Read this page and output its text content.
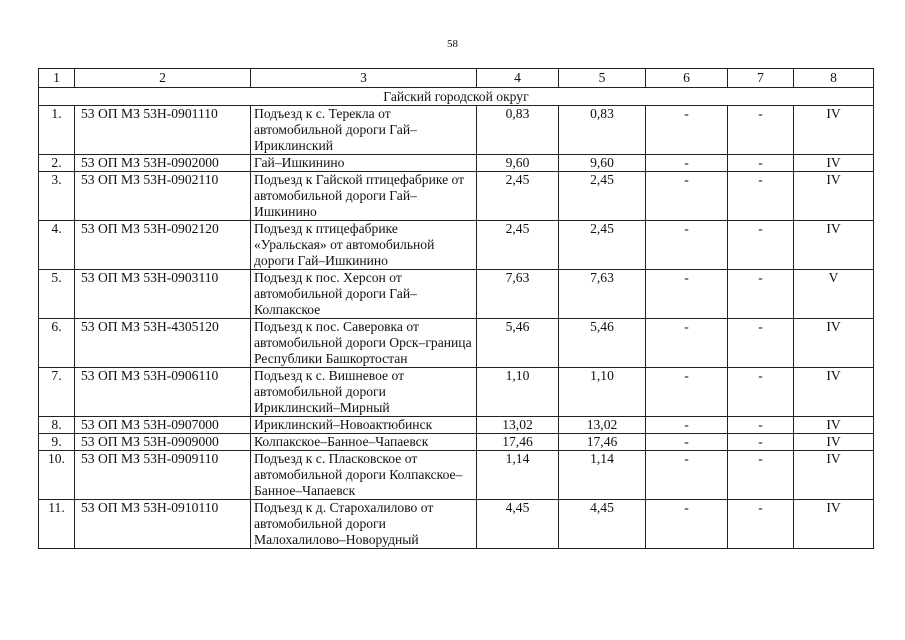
58
1	2	3	4	5	6	7	8
Гайский городской округ							
1.	53 ОП МЗ 53Н-0901110	Подъезд к с. Терекла от автомобильной дороги Гай–Ириклинский	0,83	0,83	-	-	IV
2.	53 ОП МЗ 53Н-0902000	Гай–Ишкинино	9,60	9,60	-	-	IV
3.	53 ОП МЗ 53Н-0902110	Подъезд к Гайской птицефабрике от автомобильной дороги Гай–Ишкинино	2,45	2,45	-	-	IV
4.	53 ОП МЗ 53Н-0902120	Подъезд к птицефабрике «Уральская» от автомобильной дороги Гай–Ишкинино	2,45	2,45	-	-	IV
5.	53 ОП МЗ 53Н-0903110	Подъезд к пос. Херсон от автомобильной дороги Гай–Колпакское	7,63	7,63	-	-	V
6.	53 ОП МЗ 53Н-4305120	Подъезд к пос. Саверовка от автомобильной дороги Орск–граница Республики Башкортостан	5,46	5,46	-	-	IV
7.	53 ОП МЗ 53Н-0906110	Подъезд к с. Вишневое от автомобильной дороги Ириклинский–Мирный	1,10	1,10	-	-	IV
8.	53 ОП МЗ 53Н-0907000	Ириклинский–Новоактюбинск	13,02	13,02	-	-	IV
9.	53 ОП МЗ 53Н-0909000	Колпакское–Банное–Чапаевск	17,46	17,46	-	-	IV
10.	53 ОП МЗ 53Н-0909110	Подъезд к с. Пласковское от автомобильной дороги Колпакское–Банное–Чапаевск	1,14	1,14	-	-	IV
11.	53 ОП МЗ 53Н-0910110	Подъезд к д. Старохалилово от автомобильной дороги Малохалилово–Новорудный	4,45	4,45	-	-	IV
